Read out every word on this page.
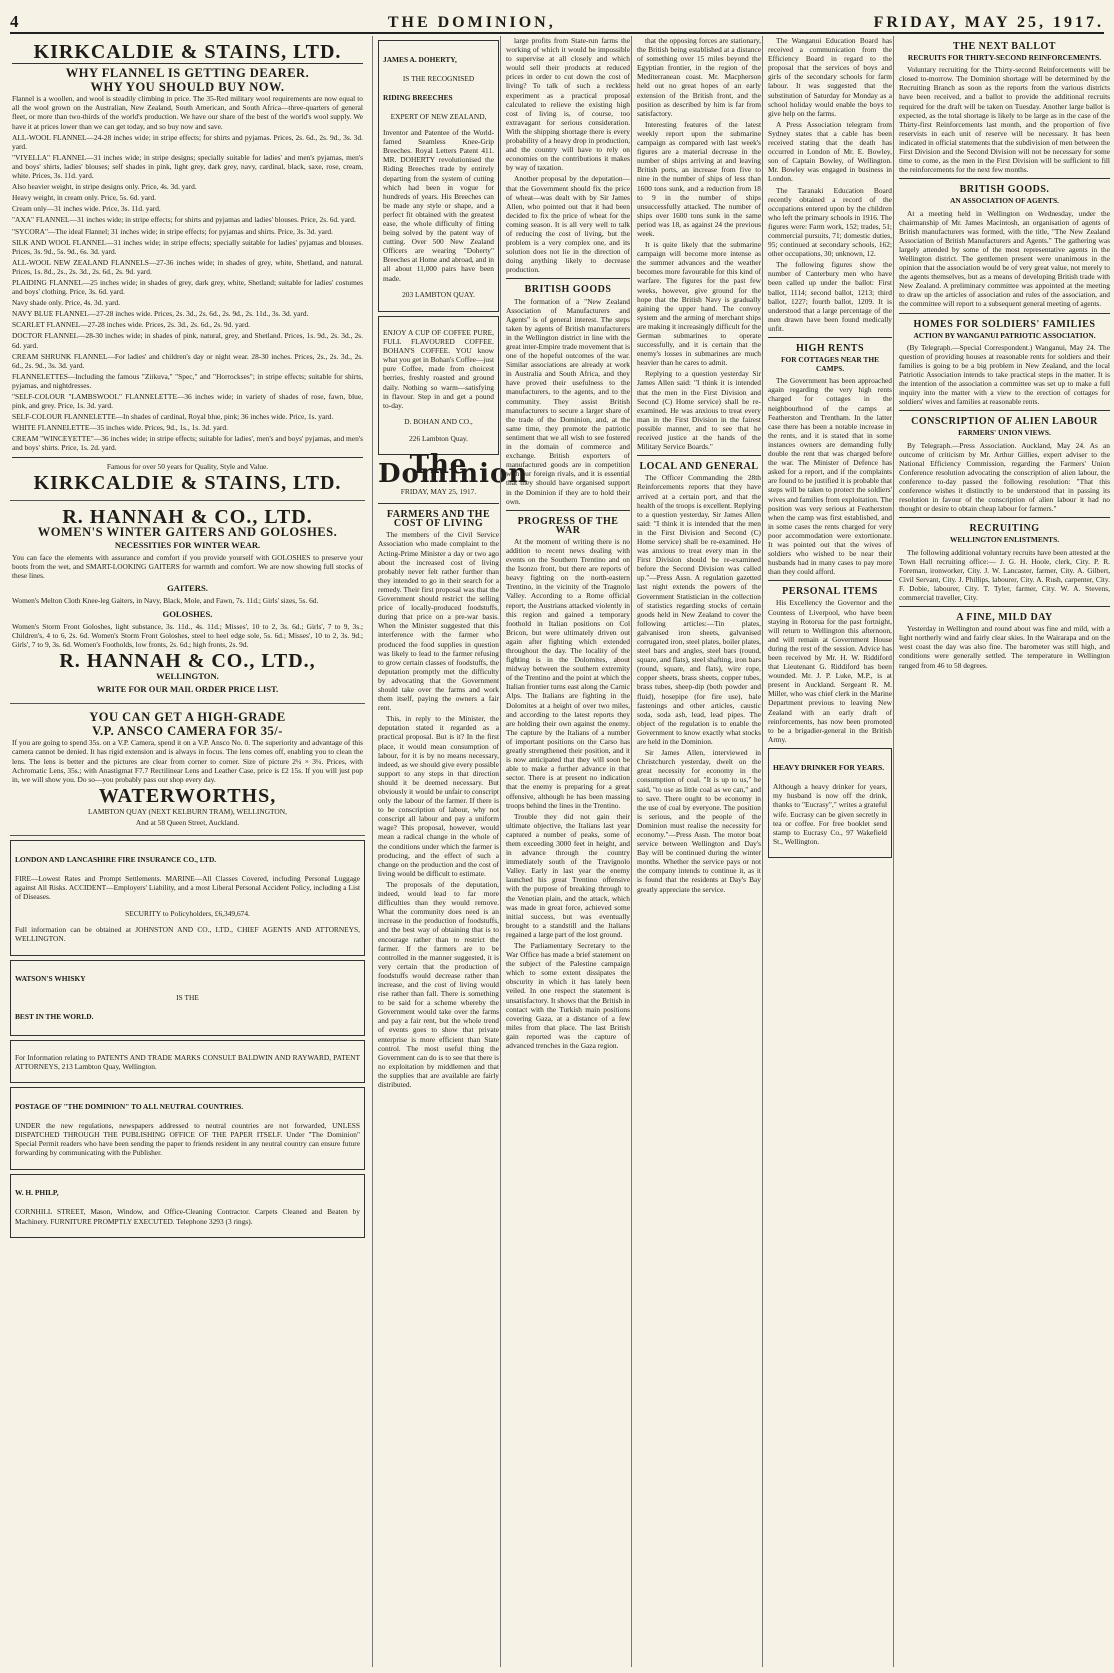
4	THE DOMINION,	FRIDAY, MAY 25, 1917.
KIRKCALDIE & STAINS, LTD.
WHY FLANNEL IS GETTING DEARER.
WHY YOU SHOULD BUY NOW.

Flannel is a woollen, and wool is steadily climbing in price. The 35-Red military wool requirements are now equal to all the wool grown on the Australian, New Zealand, South American, and South Africa—three-quarters of general fleet, or more than two-thirds of the world's production. We have our share of the best of the world's wool supply. We have it at prices lower than we can get today, and so buy now and save.

ALL-WOOL FLANNEL—24-28 inches wide; in stripe effects; for shirts and pyjamas. Prices, 2s. 6d., 2s. 9d., 3s. 3d. yard.

"VIYELLA" FLANNEL—31 inches wide; in stripe designs; specially suitable for ladies' and men's pyjamas, men's and boys' shirts, ladies' blouses; self shades in pink, light grey, dark grey, navy, cardinal, black, saxe, rose, cream, white. Prices, 3s. 11d. yard.

Also heavier weight, in stripe designs only. Price, 4s. 3d. yard.

Heavy weight, in cream only. Price, 5s. 6d. yard.

Cream only—31 inches wide. Price, 3s. 11d. yard.

"AXA" FLANNEL—31 inches wide; in stripe effects; for shirts and pyjamas and ladies' blouses. Price, 2s. 6d. yard.

"SYCORA"—The ideal Flannel; 31 inches wide; in stripe effects; for pyjamas and shirts. Price, 3s. 3d. yard.

SILK AND WOOL FLANNEL—31 inches wide; in stripe effects; specially suitable for ladies' pyjamas and blouses. Prices, 3s. 9d., 5s. 9d., 6s. 3d. yard.

ALL-WOOL NEW ZEALAND FLANNELS—27-36 inches wide; in shades of grey, white, Shetland, and natural. Prices, 1s. 8d., 2s., 2s. 3d., 2s. 6d., 2s. 9d. yard.

PLAIDING FLANNEL—25 inches wide; in shades of grey, dark grey, white, Shetland; suitable for ladies' costumes and boys' clothing. Price, 3s. 6d. yard.

Navy shade only. Price, 4s. 3d. yard.

NAVY BLUE FLANNEL—27-28 inches wide. Prices, 2s. 3d., 2s. 6d., 2s. 9d., 2s. 11d., 3s. 3d. yard.

SCARLET FLANNEL—27-28 inches wide. Prices, 2s. 3d., 2s. 6d., 2s. 9d. yard.

DOCTOR FLANNEL—28-30 inches wide; in shades of pink, natural, grey, and Shetland. Prices, 1s. 9d., 2s. 3d., 2s. 6d. yard.

CREAM SHRUNK FLANNEL—For ladies' and children's day or night wear. 28-30 inches. Prices, 2s., 2s. 3d., 2s. 6d., 2s. 9d., 3s. 3d. yard.

FLANNELETTES—Including the famous "Ziikuva," "Spec," and "Horrockses"; in stripe effects; suitable for shirts, pyjamas, and nightdresses.

"SELF-COLOUR "LAMBSWOOL" FLANNELETTE—36 inches wide; in variety of shades of rose, fawn, blue, pink, and grey. Price, 1s. 3d. yard.

SELF-COLOUR FLANNELETTE—In shades of cardinal, Royal blue, pink; 36 inches wide. Price, 1s. yard.

WHITE FLANNELETTE—35 inches wide. Prices, 9d., 1s., 1s. 3d. yard.

CREAM "WINCEYETTE"—36 inches wide; in stripe effects; suitable for ladies', men's and boys' pyjamas, and men's and boys' shirts. Price, 1s. 2d. yard.

Famous for over 50 years for Quality, Style and Value.

KIRKCALDIE & STAINS, LTD.
R. HANNAH & CO., LTD.
WOMEN'S WINTER GAITERS AND GOLOSHES.
NECESSITIES FOR WINTER WEAR.

You can face the elements with assurance and comfort if you provide yourself with GOLOSHES to preserve your boots from the wet, and SMART-LOOKING GAITERS for warmth and comfort. We are now showing full stocks of these lines.

GAITERS.

Women's Melton Cloth Knee-leg Gaiters, in Navy, Black, Mole, and Fawn, 7s. 11d.; Girls' sizes, 5s. 6d.

GOLOSHES.

Women's Storm Front Goloshes, light substance, 3s. 11d., 4s. 11d.; Misses', 10 to 2, 3s. 6d.; Girls', 7 to 9, 3s.; Children's, 4 to 6, 2s. 6d. Women's Storm Front Goloshes, steel to heel edge sole, 5s. 6d.; Misses', 10 to 2, 3s. 9d.; Girls', 7 to 9, 3s. 6d. Women's Footholds, low fronts, 2s. 6d.; high fronts, 2s. 9d.

R. HANNAH & CO., LTD.,
WELLINGTON.
WRITE FOR OUR MAIL ORDER PRICE LIST.
YOU CAN GET A HIGH-GRADE
V.P. ANSCO CAMERA FOR 35/-

If you are going to spend 35s. on a V.P. Camera, spend it on a V.P. Ansco No. 0. The superiority and advantage of this camera cannot be denied. It has rigid extension and is always in focus. The lens comes off, enabling you to clean the lens. The lens is better and the pictures are clear from corner to corner. Size of picture 2¼ × 3¼. Prices, with Achromatic Lens, 35s.; with Anastigmat F7.7 Rectilinear Lens and Leather Case, price is £2 15s. If you will just pop in, we will show you. Do so—you probably pass our shop every day.

WATERWORTHS,

LAMBTON QUAY (NEXT KELBURN TRAM), WELLINGTON,

And at 58 Queen Street, Auckland.

LONDON AND LANCASHIRE FIRE INSURANCE CO., LTD.

FIRE—Lowest Rates and Prompt Settlements. MARINE—All Classes Covered, including Personal Luggage against All Risks. ACCIDENT—Employers' Liability, and a most Liberal Personal Accident Policy, including a List of Diseases.

SECURITY to Policyholders, £6,349,674.

Full information can be obtained at JOHNSTON AND CO., LTD., CHIEF AGENTS AND ATTORNEYS, WELLINGTON.

WATSON'S WHISKY

IS THE

BEST IN THE WORLD.

For Information relating to PATENTS AND TRADE MARKS CONSULT BALDWIN AND RAYWARD, PATENT ATTORNEYS, 213 Lambton Quay, Wellington.

POSTAGE OF "THE DOMINION" TO ALL NEUTRAL COUNTRIES.

UNDER the new regulations, newspapers addressed to neutral countries are not forwarded, UNLESS DISPATCHED THROUGH THE PUBLISHING OFFICE OF THE PAPER ITSELF. Under "The Dominion" Special Permit readers who have been sending the paper to friends resident in any neutral country can ensure future forwarding by communicating with the Publisher.

W. H. PHILP,

CORNHILL STREET, Mason, Window, and Office-Cleaning Contractor. Carpets Cleaned and Beaten by Machinery. FURNITURE PROMPTLY EXECUTED. Telephone 3293 (3 rings).

JAMES A. DOHERTY,

IS THE RECOGNISED

RIDING BREECHES

EXPERT OF NEW ZEALAND,

Inventor and Patentee of the World-famed Seamless Knee-Grip Breeches. Royal Letters Patent 411. MR. DOHERTY revolutionised the Riding Breeches trade by entirely departing from the system of cutting which had been in vogue for hundreds of years. His Breeches can be made any style or shape, and a perfect fit obtained with the greatest ease, the whole difficulty of fitting being solved by the patent way of cutting. Over 500 New Zealand Officers are wearing "Doherty" Breeches at Home and abroad, and in all about 11,000 pairs have been made.

203 LAMBTON QUAY.

ENJOY A CUP OF COFFEE PURE, FULL FLAVOURED COFFEE. BOHAN'S COFFEE. YOU know what you get in Bohan's Coffee—just pure Coffee, made from choicest berries, freshly roasted and ground daily. Nothing so warm—satisfying in flavour. Step in and get a pound to-day.

D. BOHAN AND CO.,

226 Lambton Quay.

The Dominion

FRIDAY, MAY 25, 1917.

FARMERS AND THE COST OF LIVING

The members of the Civil Service Association who made complaint to the Acting-Prime Minister a day or two ago about the increased cost of living probably never felt rather further than they intended to go in their search for a remedy. Their first proposal was that the Government should restrict the selling price of locally-produced foodstuffs, during that price on a pre-war basis. When the Minister suggested that this interference with the farmer who produced the food supplies in question was likely to lead to the farmer refusing to grow certain classes of foodstuffs, the deputation promptly met the difficulty by advocating that the Government should take over the farms and work them itself, paying the owners a fair rent.

This, in reply to the Minister, the deputation stated it regarded as a practical proposal. But is it? In the first place, it would mean consumption of labour, for it is by no means necessary, indeed, as we should give every possible support to any steps in that direction should it be deemed necessary. But obviously it would be unfair to conscript only the labour of the farmer. If there is to be conscription of labour, why not conscript all labour and pay a uniform wage? This proposal, however, would mean a radical change in the whole of the conditions under which the farmer is producing, and the effect of such a change on the production and the cost of living would be difficult to estimate.

The proposals of the deputation, indeed, would lead to far more difficulties than they would remove. What the community does need is an increase in the production of foodstuffs, and the best way of obtaining that is to encourage rather than to restrict the farmer. If the farmers are to be controlled in the manner suggested, it is very certain that the production of foodstuffs would decrease rather than increase, and the cost of living would rise rather than fall. There is something to be said for a scheme whereby the Government would take over the farms and pay a fair rent, but the whole trend of events goes to show that private enterprise is more efficient than State control. The most useful thing the Government can do is to see that there is no exploitation by middlemen and that the supplies that are available are fairly distributed.

large profits from State-run farms the working of which it would be impossible to supervise at all closely and which would sell their products at reduced prices in order to cut down the cost of living? To talk of such a reckless experiment as a practical proposal calculated to relieve the existing high cost of living is, of course, too extravagant for serious consideration. With the shipping shortage there is every probability of a heavy drop in production, and the country will have to rely on economies on the contributions it makes by way of taxation.

Another proposal by the deputation—that the Government should fix the price of wheat—was dealt with by Sir James Allen, who pointed out that it had been decided to fix the price of wheat for the coming season. It is all very well to talk of reducing the cost of living, but the problem is a very complex one, and its solution does not lie in the direction of doing anything likely to decrease production.

BRITISH GOODS

The formation of a "New Zealand Association of Manufacturers and Agents" is of general interest. The steps taken by agents of British manufacturers in the Wellington district in line with the great inter-Empire trade movement that is one of the hopeful outcomes of the war. Similar associations are already at work in Australia and South Africa, and they have proved their usefulness to the manufacturers, to the agents, and to the community. They assist British manufacturers to secure a larger share of the trade of the Dominion, and, at the same time, they promote the patriotic sentiment that we all wish to see fostered in the domain of commerce and exchange. British exporters of manufactured goods are in competition with our foreign rivals, and it is essential that they should have organised support in the Dominion if they are to hold their own.

PROGRESS OF THE WAR

At the moment of writing there is no addition to recent news dealing with events on the Southern Trentino and on the Isonzo front, but there are reports of heavy fighting on the north-eastern Trentino, in the vicinity of the Tragnolo Valley. According to a Rome official report, the Austrians attacked violently in this region and gained a temporary foothold in Italian positions on Col Bricon, but were ultimately driven out again after fighting which extended throughout the day. The locality of the fighting is in the Dolomites, about midway between the southern extremity of the Trentino and the point at which the Italian frontier turns east along the Carnic Alps. The Italians are fighting in the Dolomites at a height of over two miles, and according to the latest reports they are holding their own against the enemy. The capture by the Italians of a number of important positions on the Carso has greatly strengthened their position, and it is now anticipated that they will soon be able to make a further advance in that sector. There is at present no indication that the enemy is preparing for a great offensive, although he has been massing troops behind the lines in the Trentino.

Trouble they did not gain their ultimate objective, the Italians last year captured a number of peaks, some of them exceeding 3000 feet in height, and in advance through the country immediately south of the Travignolo Valley. Early in last year the enemy launched his great Trentino offensive with the purpose of breaking through to the Venetian plain, and the attack, which was made in great force, achieved some initial success, but was eventually brought to a standstill and the Italians regained a large part of the lost ground.

The Parliamentary Secretary to the War Office has made a brief statement on the subject of the Palestine campaign which to some extent dissipates the obscurity in which it has lately been veiled. In one respect the statement is unsatisfactory. It shows that the British in contact with the Turkish main positions covering Gaza, at a distance of a few miles from that place. The last British gain reported was the capture of advanced trenches in the Gaza region.

that the opposing forces are stationary, the British being established at a distance of something over 15 miles beyond the Egyptian frontier, in the region of the Mediterranean coast. Mr. Macpherson held out no great hopes of an early extension of the British front, and the position as described by him is far from satisfactory.

Interesting features of the latest weekly report upon the submarine campaign as compared with last week's figures are a material decrease in the number of ships arriving at and leaving British ports, an increase from five to nine in the number of ships of less than 1600 tons sunk, and a reduction from 18 to 9 in the number of ships unsuccessfully attacked. The number of ships over 1600 tons sunk in the same period was 18, as against 24 the previous week.

It is quite likely that the submarine campaign will become more intense as the summer advances and the weather becomes more favourable for this kind of warfare. The figures for the past few weeks, however, give ground for the hope that the British Navy is gradually gaining the upper hand. The convoy system and the arming of merchant ships are making it increasingly difficult for the German submarines to operate successfully, and it is certain that the enemy's losses in submarines are much heavier than he cares to admit.

Replying to a question yesterday Sir James Allen said: "I think it is intended that the men in the First Division and Second (C) Home service) shall be re-examined. He was anxious to treat every man in the First Division in the fairest possible manner, and to see that he received justice at the hands of the Military Service Boards."

LOCAL AND GENERAL

The Officer Commanding the 28th Reinforcements reports that they have arrived at a certain port, and that the health of the troops is excellent. Replying to a question yesterday, Sir James Allen said: "I think it is intended that the men in the First Division and Second (C) Home service) shall be re-examined. He was anxious to treat every man in the First Division should be re-examined before the Second Division was called up."—Press Assn. A regulation gazetted last night extends the powers of the Government Statistician in the collection of statistics regarding stocks of certain goods held in New Zealand to cover the following articles:—Tin plates, galvanised iron sheets, galvanised corrugated iron, steel plates, boiler plates, steel bars and angles, steel bars (round, square, and flats), steel shafting, iron bars (round, square, and flats), wire rope, copper sheets, brass sheets, copper tubes, brass tubes, sheep-dip (both powder and fluid), hosepipe (for fire use), bale fastenings and other articles, caustic soda, soda ash, lead, lead pipes. The object of the regulation is to enable the Government to know exactly what stocks are held in the Dominion.

Sir James Allen, interviewed in Christchurch yesterday, dwelt on the great necessity for economy in the consumption of coal. "It is up to us," he said, "to use as little coal as we can," and to save. There ought to be economy in the use of coal by everyone. The position is serious, and the people of the Dominion must realise the necessity for economy."—Press Assn. The motor boat service between Wellington and Day's Bay will be continued during the winter months. Whether the service pays or not the company intends to continue it, as it is found that the residents at Day's Bay greatly appreciate the service.

The Wanganui Education Board has received a communication from the Efficiency Board in regard to the proposal that the services of boys and girls of the secondary schools for farm labour. It was suggested that the substitution of Saturday for Monday as a school holiday would enable the boys to give help on the farms.

A Press Association telegram from Sydney states that a cable has been received stating that the death has occurred in London of Mr. E. Bowley, son of Captain Bowley, of Wellington. Mr. Bowley was engaged in business in London.

The Taranaki Education Board recently obtained a record of the occupations entered upon by the children who left the primary schools in 1916. The figures were: Farm work, 152; trades, 51; commercial pursuits, 71; domestic duties, 95; continued at secondary schools, 162; other occupations, 30; unknown, 12.

The following figures show the number of Canterbury men who have been called up under the ballot: First ballot, 1114; second ballot, 1213; third ballot, 1227; fourth ballot, 1209. It is understood that a large percentage of the men drawn have been found medically unfit.

HIGH RENTS
FOR COTTAGES NEAR THE CAMPS.

The Government has been approached again regarding the very high rents charged for cottages in the neighbourhood of the camps at Featherston and Trentham. In the latter case there has been a notable increase in the rents, and it is stated that in some instances owners are demanding fully double the rent that was charged before the war. The Minister of Defence has asked for a report, and if the complaints are found to be justified it is probable that steps will be taken to protect the soldiers' wives and families from exploitation. The position was very serious at Featherston when the camp was first established, and in some cases the rents charged for very poor accommodation were extortionate. It was pointed out that the wives of soldiers who wished to be near their husbands had in many cases to pay more than they could afford.

PERSONAL ITEMS

His Excellency the Governor and the Countess of Liverpool, who have been staying in Rotorua for the past fortnight, will return to Wellington this afternoon, and will remain at Government House during the rest of the session. Advice has been received by Mr. H. W. Riddiford that Lieutenant G. Riddiford has been wounded. Mr. J. P. Luke, M.P., is at present in Auckland. Sergeant R. M. Miller, who was chief clerk in the Marine Department previous to leaving New Zealand with an early draft of reinforcements, has now been promoted to be a brigadier-general in the British Army.

HEAVY DRINKER FOR YEARS.

Although a heavy drinker for years, my husband is now off the drink, thanks to "Eucrasy"," writes a grateful wife. Eucrasy can be given secretly in tea or coffee. For free booklet send stamp to Eucrasy Co., 97 Wakefield St., Wellington.

THE NEXT BALLOT
RECRUITS FOR THIRTY-SECOND REINFORCEMENTS.

Voluntary recruiting for the Thirty-second Reinforcements will be closed to-morrow. The Dominion shortage will be determined by the Recruiting Branch as soon as the reports from the various districts have been received, and a ballot to provide the additional recruits required for the draft will be taken on Tuesday. Another large ballot is expected, as the total shortage is likely to be large as in the case of the Thirty-first Reinforcements last month, and the proportion of five reservists in each unit of reserve will be necessary. It has been indicated in official statements that the subdivision of men between the First Division and the Second Division will not be necessary for some time to come, as the men in the First Division will be sufficient to fill the reinforcements for the next few months.

BRITISH GOODS.
AN ASSOCIATION OF AGENTS.

At a meeting held in Wellington on Wednesday, under the chairmanship of Mr. James Macintosh, an organisation of agents of British manufacturers was formed, with the title, "The New Zealand Association of British Manufacturers and Agents." The gathering was largely attended by some of the most representative agents in the Wellington district. The gentlemen present were unanimous in the opinion that the association would be of very great value, not merely to the agents themselves, but as a means of developing British trade with New Zealand. A preliminary committee was appointed at the meeting to draw up the articles of association and rules of the association, and the committee will report to a subsequent general meeting of agents.

HOMES FOR SOLDIERS' FAMILIES
ACTION BY WANGANUI PATRIOTIC ASSOCIATION.

(By Telegraph.—Special Correspondent.) Wanganui, May 24. The question of providing houses at reasonable rents for soldiers and their families is going to be a big problem in New Zealand, and the local Patriotic Association intends to take practical steps in the matter. It is the intention of the association a committee was set up to make a full inquiry into the matter with a view to the erection of cottages for soldiers' wives and families at reasonable rents.

CONSCRIPTION OF ALIEN LABOUR
FARMERS' UNION VIEWS.

By Telegraph.—Press Association. Auckland, May 24. As an outcome of criticism by Mr. Arthur Gillies, expert adviser to the National Efficiency Commission, regarding the Farmers' Union Conference resolution advocating the conscription of alien labour, the conference to-day passed the following resolution: "That this conference wishes it distinctly to be understood that in passing its resolution in favour of the conscription of alien labour it had no thought or desire to obtain cheap labour for farmers."

RECRUITING
WELLINGTON ENLISTMENTS.

The following additional voluntary recruits have been attested at the Town Hall recruiting office:— J. G. H. Hoole, clerk, City. P. R. Foreman, ironworker, City. J. W. Lancaster, farmer, City. A. Gilbert, Civil Servant, City. J. Phillips, labourer, City. A. Rush, carpenter, City. F. Dobie, labourer, City. T. Tyler, farmer, City. W. A. Stevens, commercial traveller, City.

A FINE, MILD DAY

Yesterday in Wellington and round about was fine and mild, with a light northerly wind and fairly clear skies. In the Wairarapa and on the west coast the day was also fine. The barometer was still high, and conditions were generally settled. The temperature in Wellington ranged from 46 to 58 degrees.
